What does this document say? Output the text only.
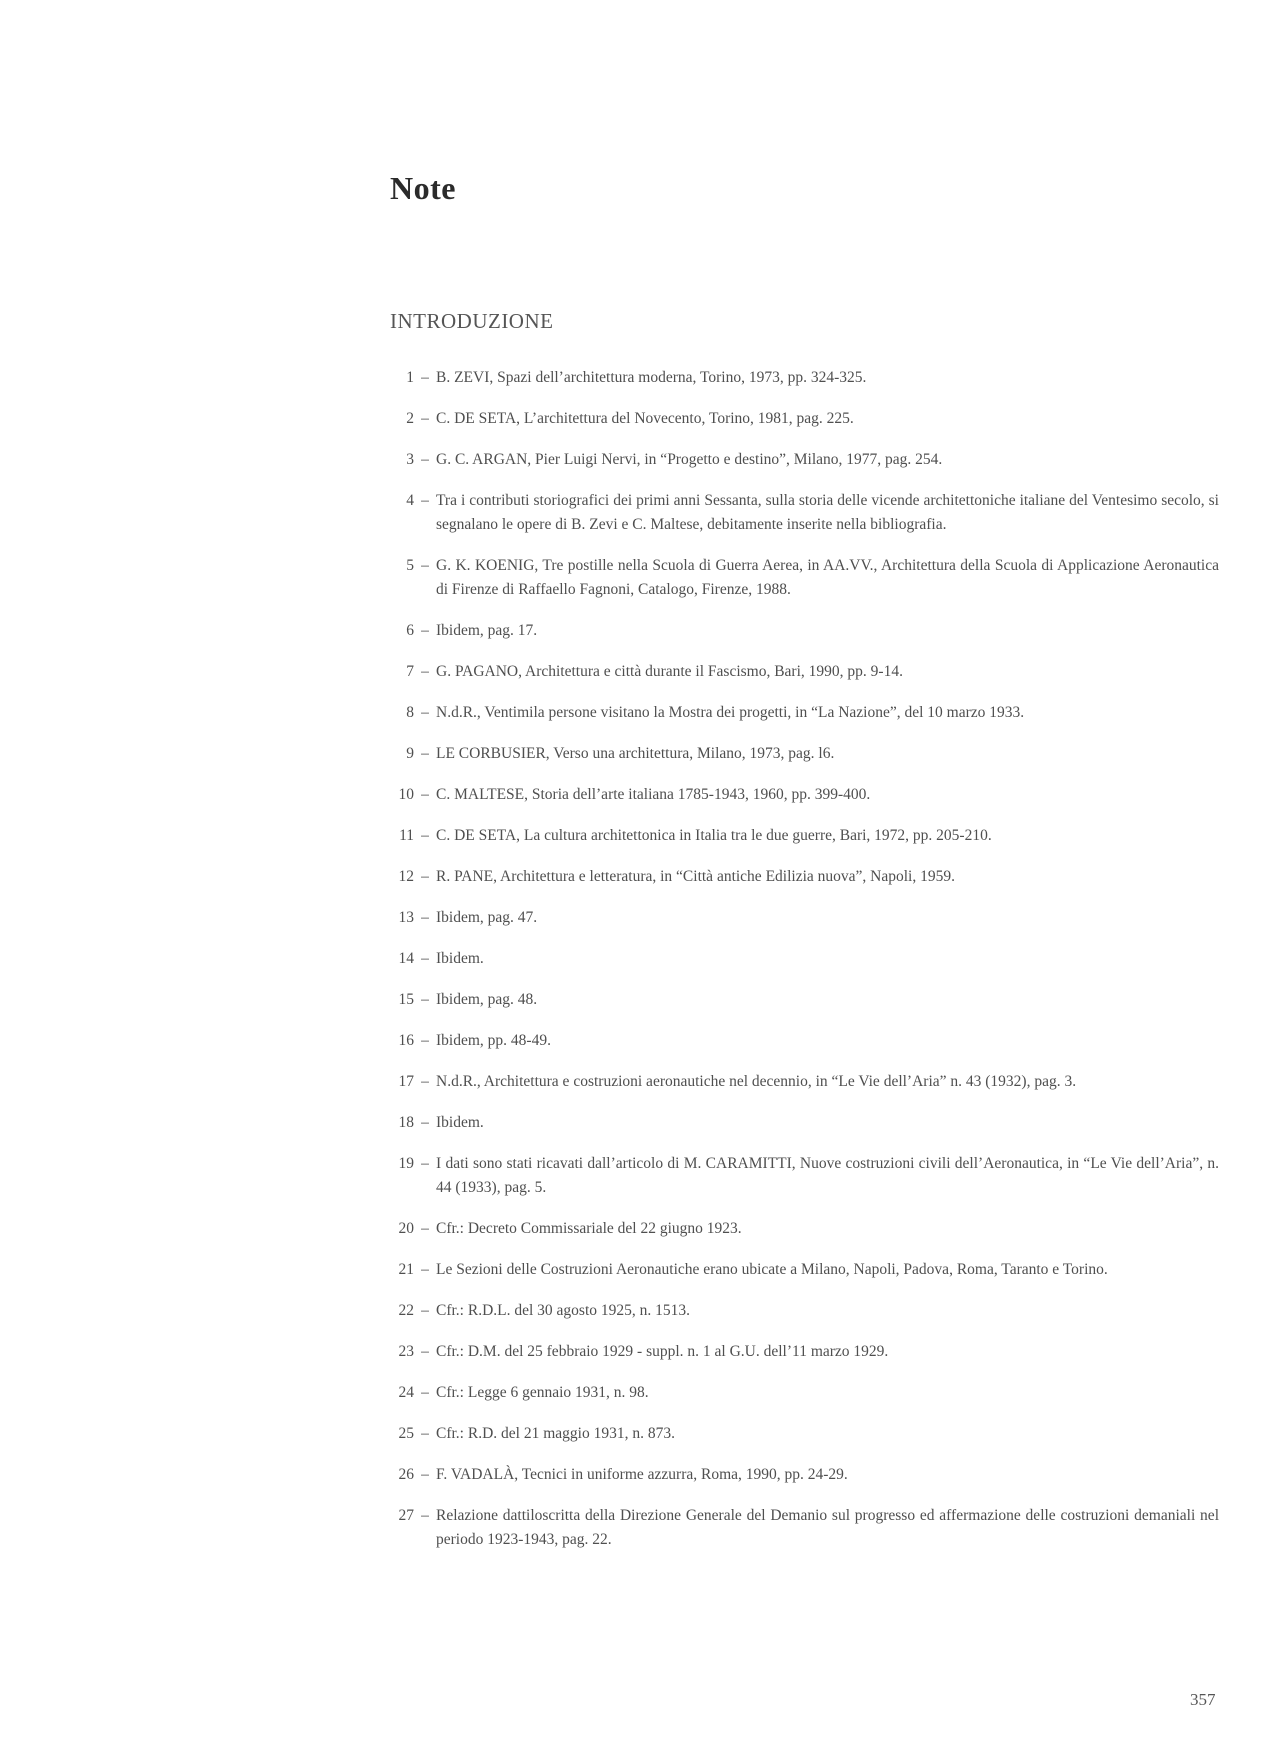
Note
INTRODUZIONE
1 – B. ZEVI, Spazi dell’architettura moderna, Torino, 1973, pp. 324-325.
2 – C. DE SETA, L’architettura del Novecento, Torino, 1981, pag. 225.
3 – G. C. ARGAN, Pier Luigi Nervi, in “Progetto e destino”, Milano, 1977, pag. 254.
4 – Tra i contributi storiografici dei primi anni Sessanta, sulla storia delle vicende architettoniche italiane del Ventesimo secolo, si segnalano le opere di B. Zevi e C. Maltese, debitamente inserite nella bibliografia.
5 – G. K. KOENIG, Tre postille nella Scuola di Guerra Aerea, in AA.VV., Architettura della Scuola di Applicazione Aeronautica di Firenze di Raffaello Fagnoni, Catalogo, Firenze, 1988.
6 – Ibidem, pag. 17.
7 – G. PAGANO, Architettura e città durante il Fascismo, Bari, 1990, pp. 9-14.
8 – N.d.R., Ventimila persone visitano la Mostra dei progetti, in “La Nazione”, del 10 marzo 1933.
9 – LE CORBUSIER, Verso una architettura, Milano, 1973, pag. l6.
10 – C. MALTESE, Storia dell’arte italiana 1785-1943, 1960, pp. 399-400.
11 – C. DE SETA, La cultura architettonica in Italia tra le due guerre, Bari, 1972, pp. 205-210.
12 – R. PANE, Architettura e letteratura, in “Città antiche Edilizia nuova”, Napoli, 1959.
13 – Ibidem, pag. 47.
14 – Ibidem.
15 – Ibidem, pag. 48.
16 – Ibidem, pp. 48-49.
17 – N.d.R., Architettura e costruzioni aeronautiche nel decennio, in “Le Vie dell’Aria” n. 43 (1932), pag. 3.
18 – Ibidem.
19 – I dati sono stati ricavati dall’articolo di M. CARAMITTI, Nuove costruzioni civili dell’Aeronautica, in “Le Vie dell’Aria”, n. 44 (1933), pag. 5.
20 – Cfr.: Decreto Commissariale del 22 giugno 1923.
21 – Le Sezioni delle Costruzioni Aeronautiche erano ubicate a Milano, Napoli, Padova, Roma, Taranto e Torino.
22 – Cfr.: R.D.L. del 30 agosto 1925, n. 1513.
23 – Cfr.: D.M. del 25 febbraio 1929 - suppl. n. 1 al G.U. dell’11 marzo 1929.
24 – Cfr.: Legge 6 gennaio 1931, n. 98.
25 – Cfr.: R.D. del 21 maggio 1931, n. 873.
26 – F. VADALÀ, Tecnici in uniforme azzurra, Roma, 1990, pp. 24-29.
27 – Relazione dattiloscritta della Direzione Generale del Demanio sul progresso ed affermazione delle costruzioni demaniali nel periodo 1923-1943, pag. 22.
357
